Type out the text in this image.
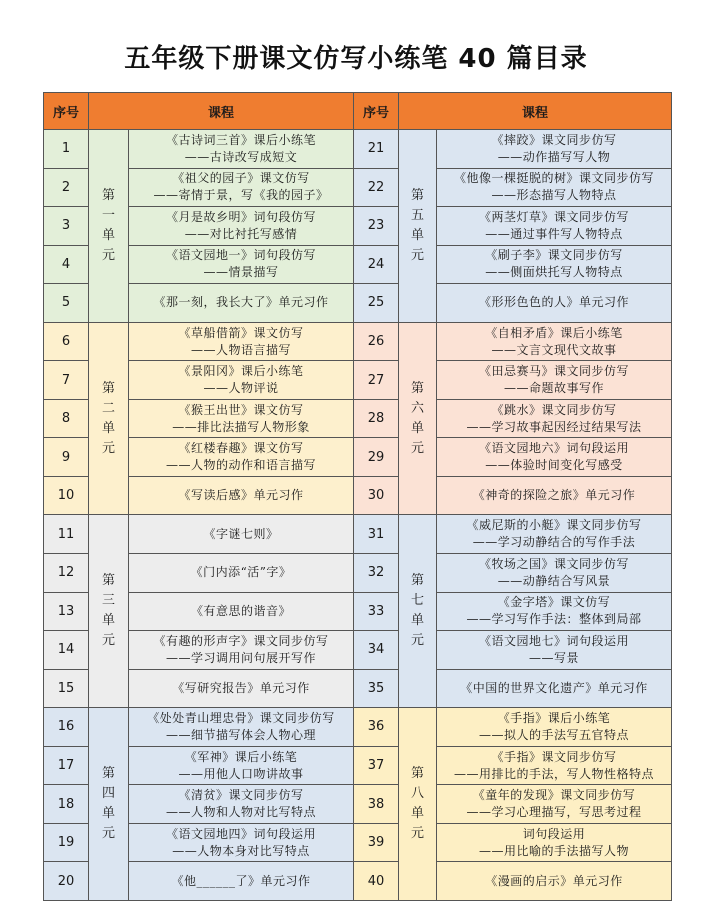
五年级下册课文仿写小练笔 40 篇目录
序号	课程		序号	课程	
1	第
一
单
元	《古诗词三首》课后小练笔
——古诗改写成短文	21	第
五
单
元	《摔跤》课文同步仿写
——动作描写写人物

2		《祖父的园子》课文仿写
——寄情于景，写《我的园子》	22		《他像一棵挺脱的树》课文同步仿写
——形态描写人物特点

3		《月是故乡明》词句段仿写
——对比衬托写感情	23		《两茎灯草》课文同步仿写
——通过事件写人物特点

4		《语文园地一》词句段仿写
——情景描写	24		《刷子李》课文同步仿写
——侧面烘托写人物特点

5		《那一刻，我长大了》单元习作	25		《形形色色的人》单元习作

6	第
二
单
元	《草船借箭》课文仿写
——人物语言描写	26	第
六
单
元	《自相矛盾》课后小练笔
——文言文现代文故事

7		《景阳冈》课后小练笔
——人物评说	27		《田忌赛马》课文同步仿写
——命题故事写作

8		《猴王出世》课文仿写
——排比法描写人物形象	28		《跳水》课文同步仿写
——学习故事起因经过结果写法

9		《红楼春趣》课文仿写
——人物的动作和语言描写	29		《语文园地六》词句段运用
——体验时间变化写感受

10		《写读后感》单元习作	30		《神奇的探险之旅》单元习作

11	第
三
单
元	《字谜七则》	31	第
七
单
元	《威尼斯的小艇》课文同步仿写
——学习动静结合的写作手法

12		《门内添“活”字》	32		《牧场之国》课文同步仿写
——动静结合写风景

13		《有意思的谐音》	33		《金字塔》课文仿写
——学习写作手法：整体到局部

14		《有趣的形声字》课文同步仿写
——学习调用问句展开写作	34		《语文园地七》词句段运用
——写景

15		《写研究报告》单元习作	35		《中国的世界文化遗产》单元习作

16	第
四
单
元	《处处青山埋忠骨》课文同步仿写
——细节描写体会人物心理	36	第
八
单
元	《手指》课后小练笔
——拟人的手法写五官特点

17		《军神》课后小练笔
——用他人口吻讲故事	37		《手指》课文同步仿写
——用排比的手法，写人物性格特点

18		《清贫》课文同步仿写
——人物和人物对比写特点	38		《童年的发现》课文同步仿写
——学习心理描写，写思考过程

19		《语文园地四》词句段运用
——人物本身对比写特点	39		词句段运用
——用比喻的手法描写人物

20		《他______了》单元习作	40		《漫画的启示》单元习作
